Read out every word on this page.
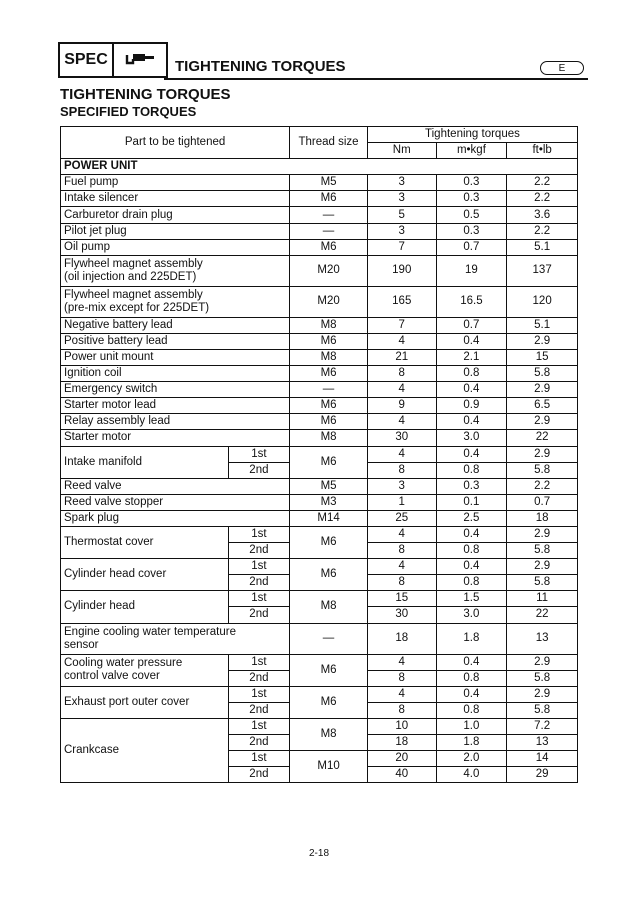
SPEC	TIGHTENING TORQUES	E
TIGHTENING TORQUES
SPECIFIED TORQUES
Part to be tightened		Thread size	Tightening torques		
			Nm	m•kgf	ft•lb
POWER UNIT					

Fuel pump		M5	3	0.3	2.2

Intake silencer		M6	3	0.3	2.2

Carburetor drain plug		—	5	0.5	3.6

Pilot jet plug		—	3	0.3	2.2

Oil pump		M6	7	0.7	5.1

Flywheel magnet assembly
(oil injection and 225DET)		M20	190	19	137

Flywheel magnet assembly
(pre-mix except for 225DET)		M20	165	16.5	120

Negative battery lead		M8	7	0.7	5.1

Positive battery lead		M6	4	0.4	2.9

Power unit mount		M8	21	2.1	15

Ignition coil		M6	8	0.8	5.8

Emergency switch		—	4	0.4	2.9

Starter motor lead		M6	9	0.9	6.5

Relay assembly lead		M6	4	0.4	2.9

Starter motor		M8	30	3.0	22

Intake manifold	1st	M6	4	0.4	2.9
	2nd		8	0.8	5.8

Reed valve		M5	3	0.3	2.2

Reed valve stopper		M3	1	0.1	0.7

Spark plug		M14	25	2.5	18

Thermostat cover	1st	M6	4	0.4	2.9
	2nd		8	0.8	5.8

Cylinder head cover	1st	M6	4	0.4	2.9
	2nd		8	0.8	5.8

Cylinder head	1st	M8	15	1.5	11
	2nd		30	3.0	22

Engine cooling water temperature
sensor		—	18	1.8	13

Cooling water pressure
control valve cover	1st	M6	4	0.4	2.9
	2nd		8	0.8	5.8

Exhaust port outer cover	1st	M6	4	0.4	2.9
	2nd		8	0.8	5.8
Crankcase	1st	M8	10	1.0	7.2
	2nd		18	1.8	13
	1st	M10	20	2.0	14
	2nd		40	4.0	29
2-18
